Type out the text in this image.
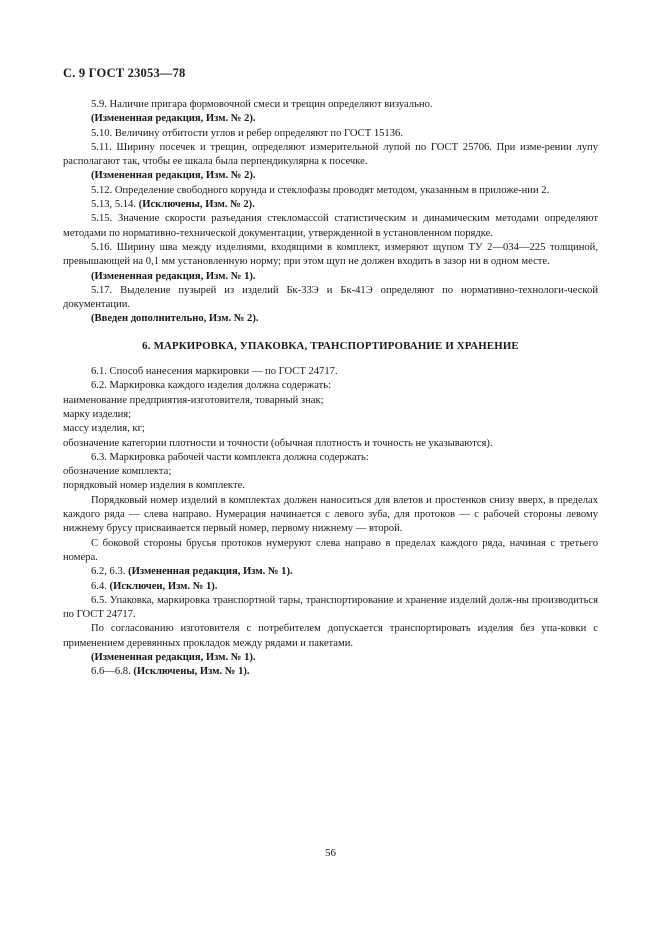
С. 9 ГОСТ 23053—78
5.9. Наличие пригара формовочной смеси и трещин определяют визуально.
(Измененная редакция, Изм. № 2).
5.10. Величину отбитости углов и ребер определяют по ГОСТ 15136.
5.11. Ширину посечек и трещин, определяют измерительной лупой по ГОСТ 25706. При изме-рении лупу располагают так, чтобы ее шкала была перпендикулярна к посечке.
(Измененная редакция, Изм. № 2).
5.12. Определение свободного корунда и стеклофазы проводят методом, указанным в приложе-нии 2.
5.13, 5.14. (Исключены, Изм. № 2).
5.15. Значение скорости разъедания стекломассой статистическим и динамическим методами определяют методами по нормативно-технической документации, утвержденной в установленном порядке.
5.16. Ширину шва между изделиями, входящими в комплект, измеряют щупом ТУ 2—034—225 толщиной, превышающей на 0,1 мм установленную норму; при этом щуп не должен входить в зазор ни в одном месте.
(Измененная редакция, Изм. № 1).
5.17. Выделение пузырей из изделий Бк-33Э и Бк-41Э определяют по нормативно-технологи-ческой документации.
(Введен дополнительно, Изм. № 2).
6. МАРКИРОВКА, УПАКОВКА, ТРАНСПОРТИРОВАНИЕ И ХРАНЕНИЕ
6.1. Способ нанесения маркировки — по ГОСТ 24717.
6.2. Маркировка каждого изделия должна содержать:
наименование предприятия-изготовителя, товарный знак;
марку изделия;
массу изделия, кг;
обозначение категории плотности и точности (обычная плотность и точность не указываются).
6.3. Маркировка рабочей части комплекта должна содержать:
обозначение комплекта;
порядковый номер изделия в комплекте.
Порядковый номер изделий в комплектах должен наноситься для влетов и простенков снизу вверх, в пределах каждого ряда — слева направо. Нумерация начинается с левого зуба, для протоков — с рабочей стороны левому нижнему брусу присваивается первый номер, первому нижнему — второй.
С боковой стороны брусья протоков нумеруют слева направо в пределах каждого ряда, начиная с третьего номера.
6.2, 6.3. (Измененная редакция, Изм. № 1).
6.4. (Исключен, Изм. № 1).
6.5. Упаковка, маркировка транспортной тары, транспортирование и хранение изделий долж-ны производиться по ГОСТ 24717.
По согласованию изготовителя с потребителем допускается транспортировать изделия без упа-ковки с применением деревянных прокладок между рядами и пакетами.
(Измененная редакция, Изм. № 1).
6.6—6.8. (Исключены, Изм. № 1).
56
